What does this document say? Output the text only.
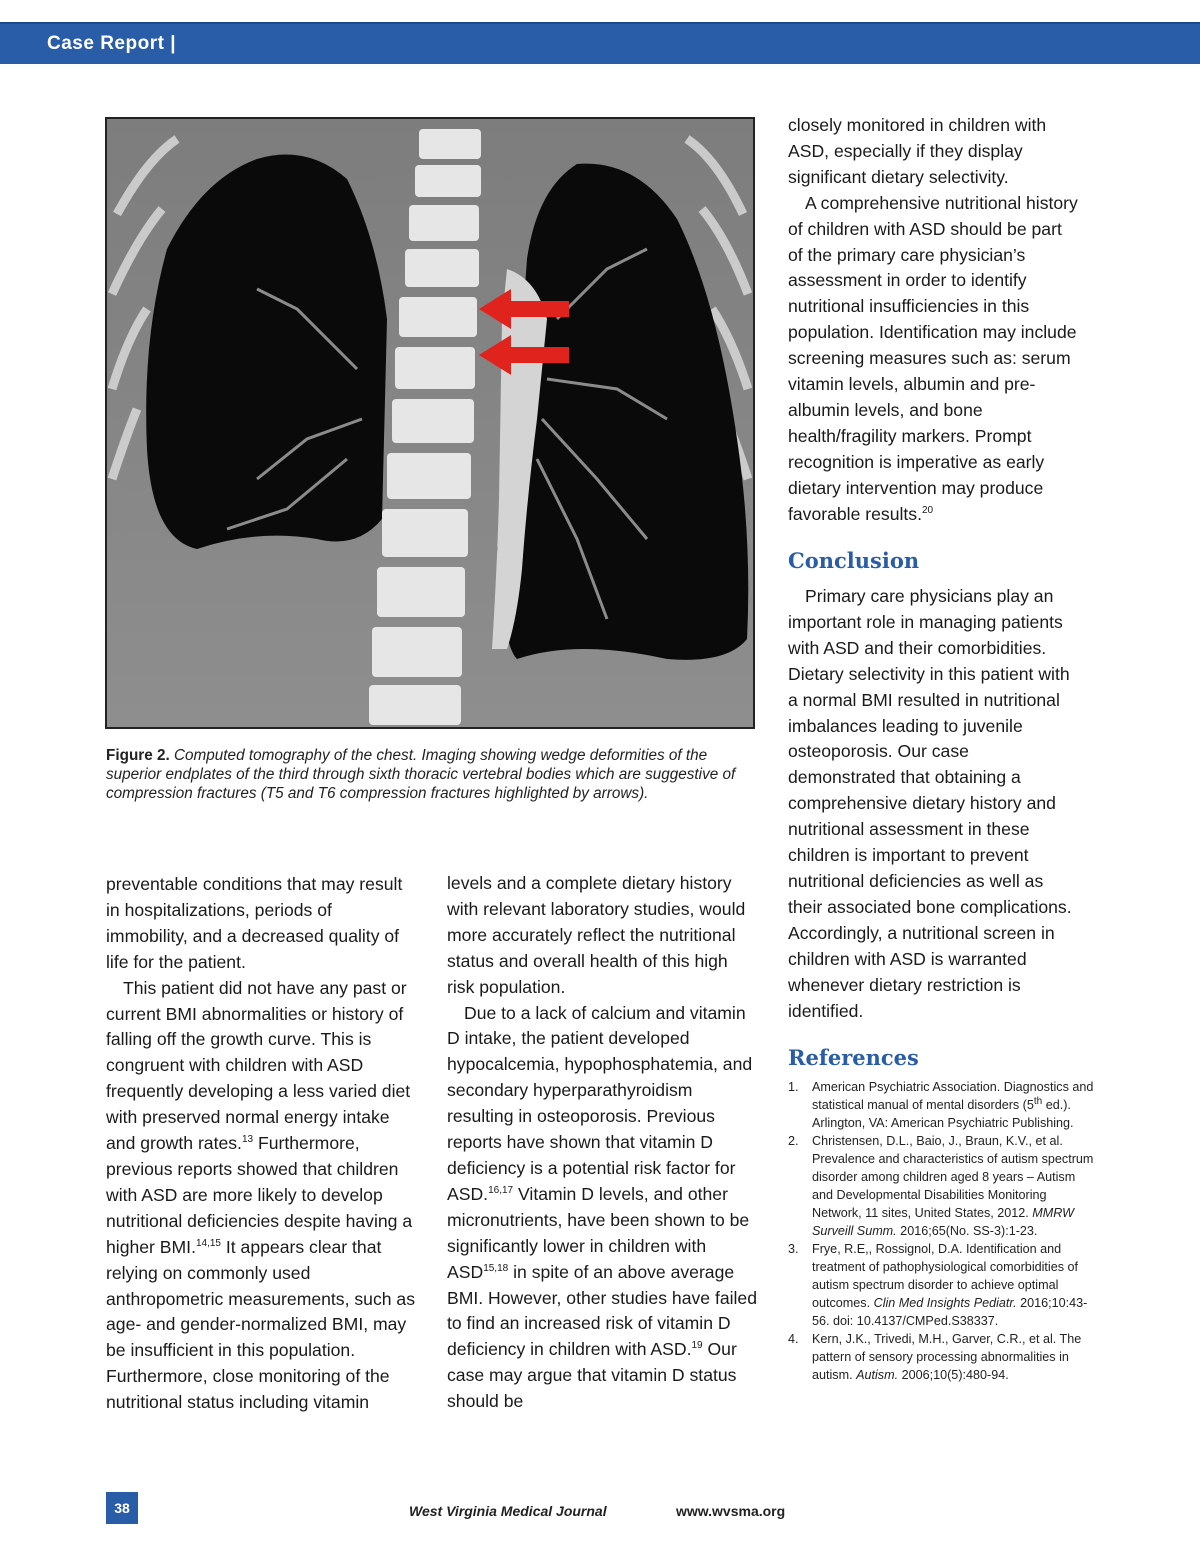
Case Report |
Figure 2. Computed tomography of the chest. Imaging showing wedge deformities of the superior endplates of the third through sixth thoracic vertebral bodies which are suggestive of compression fractures (T5 and T6 compression fractures highlighted by arrows).

preventable conditions that may result in hospitalizations, periods of immobility, and a decreased quality of life for the patient.

This patient did not have any past or current BMI abnormalities or history of falling off the growth curve. This is congruent with children with ASD frequently developing a less varied diet with preserved normal energy intake and growth rates.$^{13}$ Furthermore, previous reports showed that children with ASD are more likely to develop nutritional deficiencies despite having a higher BMI.$^{14,15}$ It appears clear that relying on commonly used anthropometric measurements, such as age- and gender-normalized BMI, may be insufficient in this population. Furthermore, close monitoring of the nutritional status including vitamin

levels and a complete dietary history with relevant laboratory studies, would more accurately reflect the nutritional status and overall health of this high risk population.

Due to a lack of calcium and vitamin D intake, the patient developed hypocalcemia, hypophosphatemia, and secondary hyperparathyroidism resulting in osteoporosis. Previous reports have shown that vitamin D deficiency is a potential risk factor for ASD.$^{16,17}$ Vitamin D levels, and other micronutrients, have been shown to be significantly lower in children with ASD$^{15,18}$ in spite of an above average BMI. However, other studies have failed to find an increased risk of vitamin D deficiency in children with ASD.$^{19}$ Our case may argue that vitamin D status should be

closely monitored in children with ASD, especially if they display significant dietary selectivity.

A comprehensive nutritional history of children with ASD should be part of the primary care physician’s assessment in order to identify nutritional insufficiencies in this population. Identification may include screening measures such as: serum vitamin levels, albumin and pre-albumin levels, and bone health/fragility markers. Prompt recognition is imperative as early dietary intervention may produce favorable results.$^{20}$

Conclusion

Primary care physicians play an important role in managing patients with ASD and their comorbidities. Dietary selectivity in this patient with a normal BMI resulted in nutritional imbalances leading to juvenile osteoporosis. Our case demonstrated that obtaining a comprehensive dietary history and nutritional assessment in these children is important to prevent nutritional deficiencies as well as their associated bone complications. Accordingly, a nutritional screen in children with ASD is warranted whenever dietary restriction is identified.

References
1. American Psychiatric Association. Diagnostics and statistical manual of mental disorders (5th ed.). Arlington, VA: American Psychiatric Publishing.
2. Christensen, D.L., Baio, J., Braun, K.V., et al. Prevalence and characteristics of autism spectrum disorder among children aged 8 years – Autism and Developmental Disabilities Monitoring Network, 11 sites, United States, 2012. MMRW Surveill Summ. 2016;65(No. SS-3):1-23.
3. Frye, R.E,, Rossignol, D.A. Identification and treatment of pathophysiological comorbidities of autism spectrum disorder to achieve optimal outcomes. Clin Med Insights Pediatr. 2016;10:43-56. doi: 10.4137/CMPed.S38337.
4. Kern, J.K., Trivedi, M.H., Garver, C.R., et al. The pattern of sensory processing abnormalities in autism. Autism. 2006;10(5):480-94.
38	West Virginia Medical Journal	www.wvsma.org
